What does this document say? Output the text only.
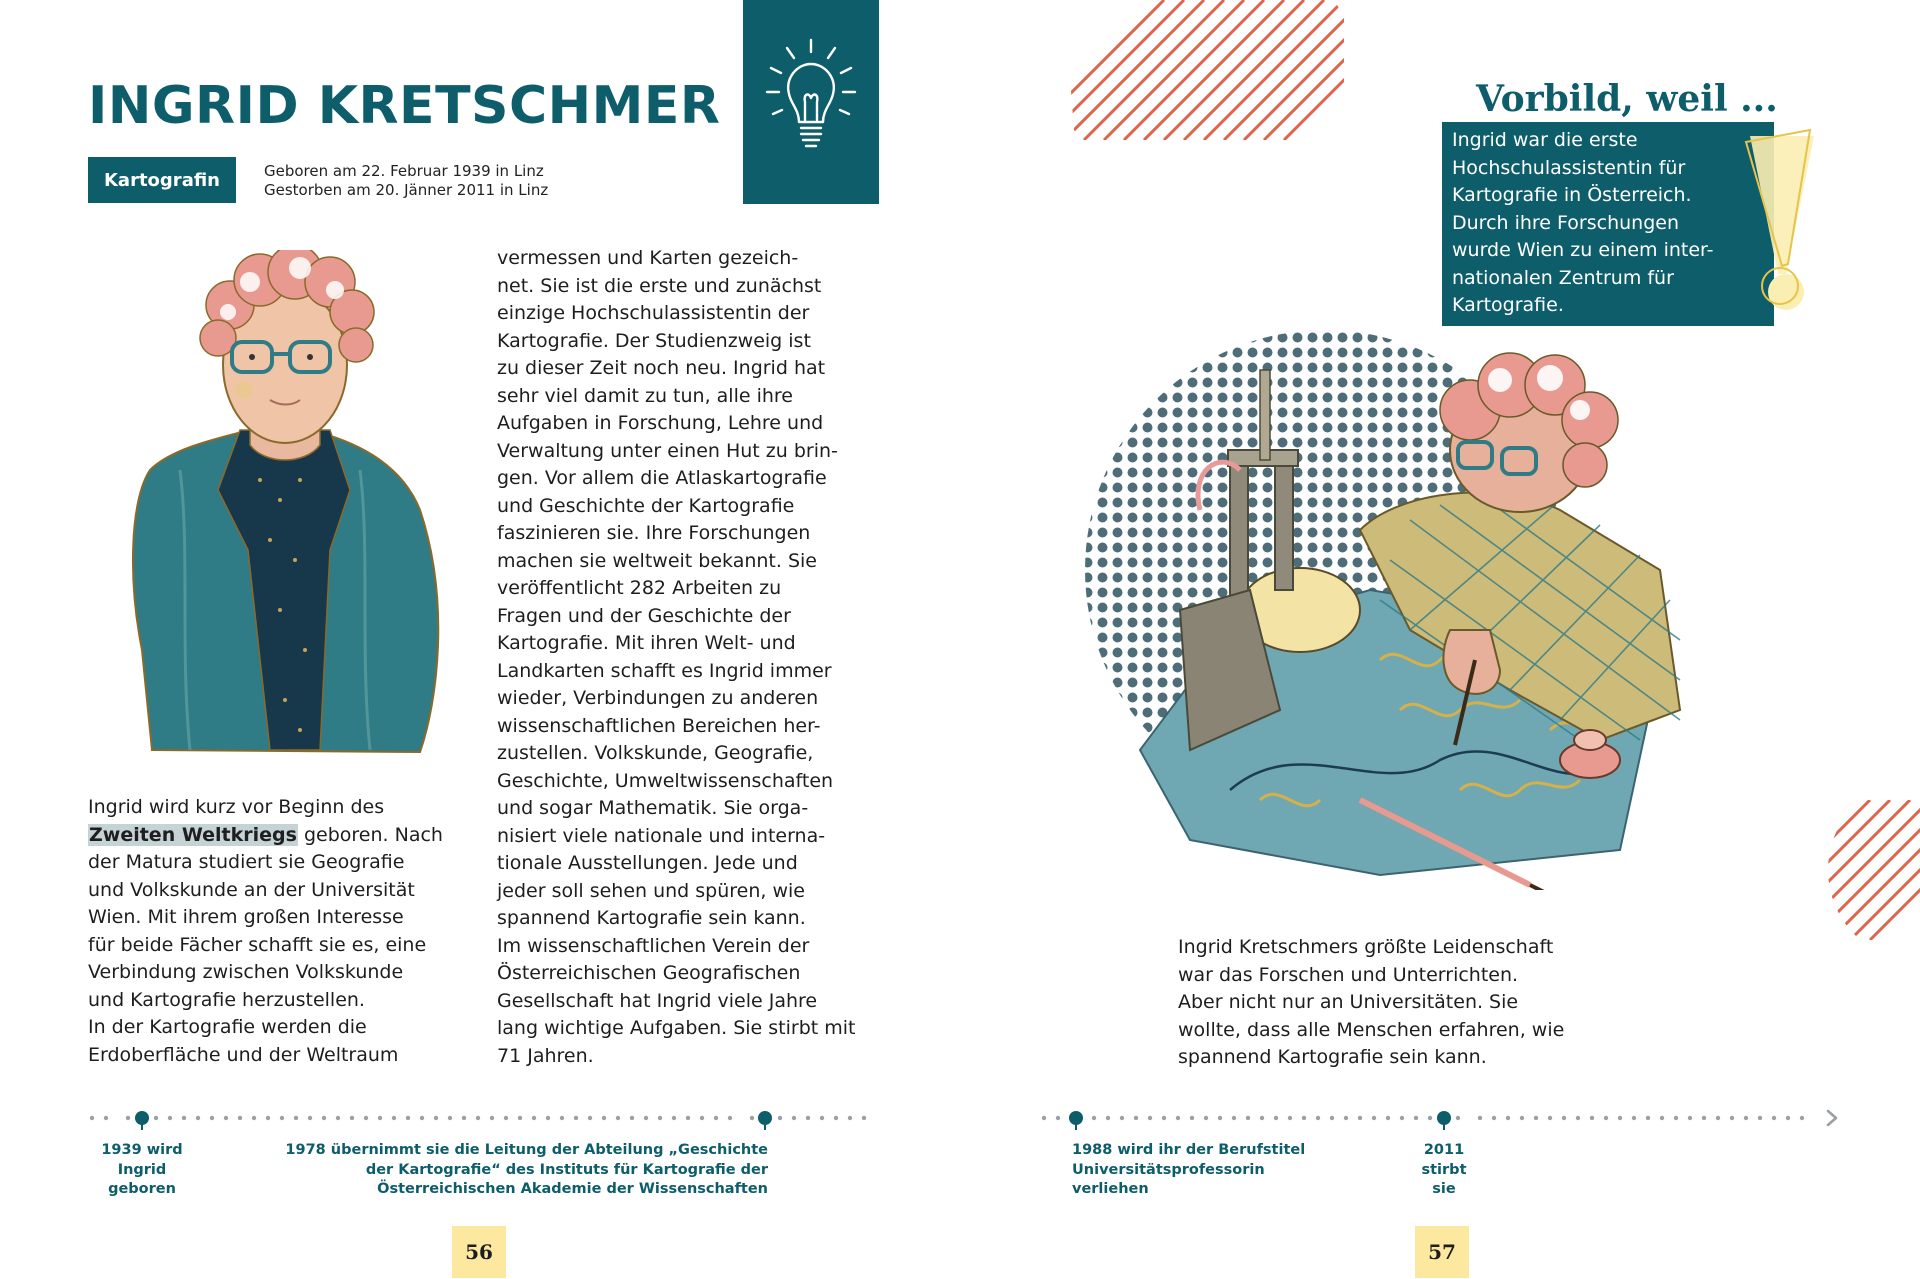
INGRID KRETSCHMER
Kartografin	Geboren am 22. Februar 1939 in Linz
Gestorben am 20. Jänner 2011 in Linz
Ingrid wird kurz vor Beginn des
Zweiten Weltkriegs geboren. Nach
der Matura studiert sie Geografie
und Volkskunde an der Universität
Wien. Mit ihrem großen Interesse
für beide Fächer schafft sie es, eine
Verbindung zwischen Volkskunde
und Kartografie herzustellen.
In der Kartografie werden die
Erdoberfläche und der Weltraum
vermessen und Karten gezeich-
net. Sie ist die erste und zunächst
einzige Hochschulassistentin der
Kartografie. Der Studienzweig ist
zu dieser Zeit noch neu. Ingrid hat
sehr viel damit zu tun, alle ihre
Aufgaben in Forschung, Lehre und
Verwaltung unter einen Hut zu brin-
gen. Vor allem die Atlaskartografie
und Geschichte der Kartografie
faszinieren sie. Ihre Forschungen
machen sie weltweit bekannt. Sie
veröffentlicht 282 Arbeiten zu
Fragen und der Geschichte der
Kartografie. Mit ihren Welt- und
Landkarten schafft es Ingrid immer
wieder, Verbindungen zu anderen
wissenschaftlichen Bereichen her-
zustellen. Volkskunde, Geografie,
Geschichte, Umweltwissenschaften
und sogar Mathematik. Sie orga-
nisiert viele nationale und interna-
tionale Ausstellungen. Jede und
jeder soll sehen und spüren, wie
spannend Kartografie sein kann.
Im wissenschaftlichen Verein der
Österreichischen Geografischen
Gesellschaft hat Ingrid viele Jahre
lang wichtige Aufgaben. Sie stirbt mit
71 Jahren.
1939 wird
Ingrid
geboren
1978 übernimmt sie die Leitung der Abteilung „Geschichte
der Kartografie“ des Instituts für Kartografie der
Österreichischen Akademie der Wissenschaften
56
Vorbild, weil ...
Ingrid war die erste
Hochschulassistentin für
Kartografie in Österreich.
Durch ihre Forschungen
wurde Wien zu einem inter-
nationalen Zentrum für
Kartografie.
Ingrid Kretschmers größte Leidenschaft
war das Forschen und Unterrichten.
Aber nicht nur an Universitäten. Sie
wollte, dass alle Menschen erfahren, wie
spannend Kartografie sein kann.
1988 wird ihr der Berufstitel
Universitätsprofessorin
verliehen
2011
stirbt
sie
57
